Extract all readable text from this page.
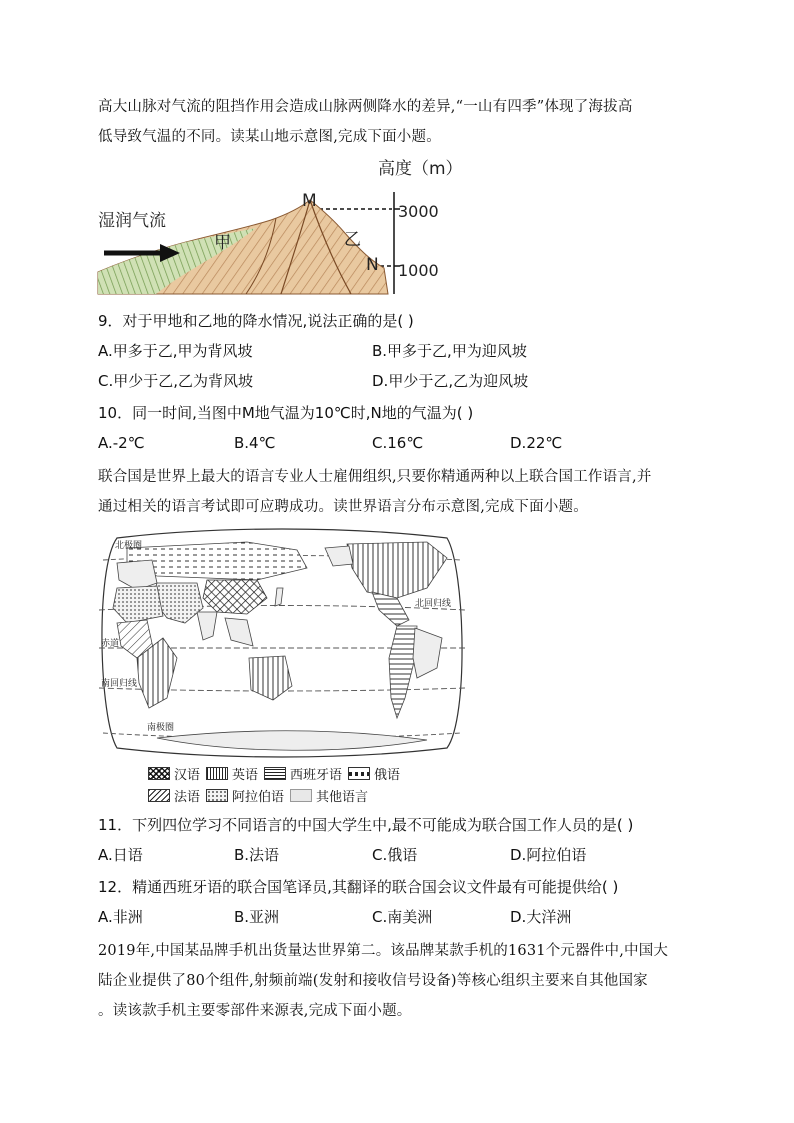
高大山脉对气流的阻挡作用会造成山脉两侧降水的差异,“一山有四季”体现了海拔高
低导致气温的不同。读某山地示意图,完成下面小题。
高度（m）
3000
1000
M
N
甲	乙
湿润气流
9．对于甲地和乙地的降水情况,说法正确的是( )
A.甲多于乙,甲为背风坡	B.甲多于乙,甲为迎风坡
C.甲少于乙,乙为背风坡	D.甲少于乙,乙为迎风坡
10．同一时间,当图中M地气温为10℃时,N地的气温为( )
A.-2℃	B.4℃	C.16℃	D.22℃
联合国是世界上最大的语言专业人士雇佣组织,只要你精通两种以上联合国工作语言,并
通过相关的语言考试即可应聘成功。读世界语言分布示意图,完成下面小题。
北极圈
北回归线
赤道
南回归线
南极圈
汉语 英语 西班牙语 俄语
法语 阿拉伯语 其他语言
11．下列四位学习不同语言的中国大学生中,最不可能成为联合国工作人员的是( )
A.日语	B.法语	C.俄语	D.阿拉伯语
12．精通西班牙语的联合国笔译员,其翻译的联合国会议文件最有可能提供给( )
A.非洲	B.亚洲	C.南美洲	D.大洋洲
2019年,中国某品牌手机出货量达世界第二。该品牌某款手机的1631个元器件中,中国大
陆企业提供了80个组件,射频前端(发射和接收信号设备)等核心组织主要来自其他国家
。读该款手机主要零部件来源表,完成下面小题。
